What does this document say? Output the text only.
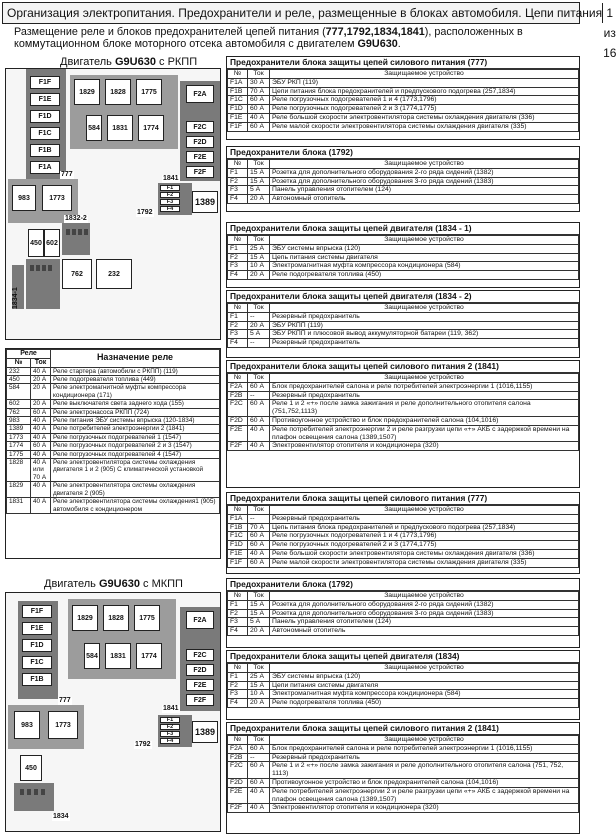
Организация электропитания. Предохранители и реле, размещенные в блоках автомобиля. Цепи питания 1 из 16
Размещение реле и блоков предохранителей цепей питания (777,1792,1834,1841), расположенных в коммутационном блоке моторного отсека автомобиля с двигателем G9U630.
Двигатель G9U630 с РКПП
Двигатель G9U630 с МКПП
F1F
F1E
F1D
F1C
F1B
F1A
777
1829	1828	1775
584	1831	1774
F2A
F2C
F2D
F2E
F2F
1841
F1
F2
F3
F4
1792
1389
983	1773
1832-2
450 602
1834-1
762	232
Реле		Назначение реле
№	Ток	
232	40 А	Реле стартера (автомобили с РКПП) (119)
450	20 А	Реле подогревателя топлива (449)
584	20 А	Реле электромагнитной муфты компрессора кондиционера (171)
602	20 А	Реле выключателя света заднего хода (155)
762	60 А	Реле электронасоса РКПП (724)
983	40 А	Реле питания ЭБУ системы впрыска (120-1834)
1389	40 А	Реле потребителей электроэнергии 2 (1841)
1773	40 А	Реле погрузочных подогревателей 1 (1547)
1774	60 А	Реле погрузочных подогревателей 2 и 3 (1547)
1775	40 А	Реле погрузочных подогревателей 4 (1547)
1828	40 А или 70 А	Реле электровентилятора системы охлаждения двигателя 1 и 2 (905) С климатической установкой
1829	40 А	Реле электровентилятора системы охлаждения двигателя 2 (905)
1831	40 А	Реле электровентилятора системы охлаждения1 (905) автомобиля с кондиционером
F1F
F1E
F1D
F1C
F1B
777
1829	1828	1775
584	1831	1774
F2A
F2C
F2D
F2E
F2F
1841
F1
F2
F3
F4
1792
1389
983	1773
450
1834
Предохранители блока защиты цепей силового питания (777)
№	Ток	Защищаемое устройство
F1A	30 А	ЭБУ РКП (119)
F1B	70 А	Цепи питания блока предохранителей и предпускового подогрева (257,1834)
F1C	60 А	Реле погрузочных подогревателей 1 и 4 (1773,1796)
F1D	60 А	Реле погрузочных подогревателей 2 и 3 (1774,1775)
F1E	40 А	Реле большой скорости электровентилятора системы охлаждения двигателя (336)
F1F	60 А	Реле малой скорости электровентилятора системы охлаждения двигателя (335)
Предохранители блока (1792)
№	Ток	Защищаемое устройство
F1	15 А	Розетка для дополнительного оборудования 2-го ряда сидений (1382)
F2	15 А	Розетка для дополнительного оборудования 3-го ряда сидений (1383)
F3	5 А	Панель управления отопителем (124)
F4	20 А	Автономный отопитель
Предохранители блока защиты цепей двигателя (1834 - 1)
№	Ток	Защищаемое устройство
F1	25 А	ЭБУ системы впрыска (120)
F2	15 А	Цепь питания системы двигателя
F3	10 А	Электромагнитная муфта компрессора кондиционера (584)
F4	20 А	Реле подогревателя топлива (450)
Предохранители блока защиты цепей двигателя (1834 - 2)
№	Ток	Защищаемое устройство
F1	--	Резервный предохранитель
F2	20 А	ЭБУ РКПП (119)
F3	5 А	ЭБУ РКПП и плюсовой вывод аккумуляторной батареи (119, 362)
F4	--	Резервный предохранитель
Предохранители блока защиты цепей силового питания 2 (1841)
№	Ток	Защищаемое устройство
F2A	60 А	Блок предохранителей салона и реле потребителей электроэнергии 1 (1016,1155)
F2B	--	Резервный предохранитель
F2C	60 А	Реле 1 и 2 «+» после замка зажигания и реле дополнительного отопителя салона (751,752,1113)
F2D	60 А	Противоугонное устройство и блок предохранителей салона (104,1016)
F2E	40 А	Реле потребителей электроэнергии 2 и реле разгрузки цепи «+» АКБ с задержкой времени на плафон освещения салона (1389,1507)
F2F	40 А	Электровентилятор отопителя и кондиционера (320)
Предохранители блока защиты цепей силового питания (777)
№	Ток	Защищаемое устройство
F1A	--	Резервный предохранитель
F1B	70 А	Цепь питания блока предохранителей и предпускового подогрева (257,1834)
F1C	60 А	Реле погрузочных подогревателей 1 и 4 (1773,1796)
F1D	60 А	Реле погрузочных подогревателей 2 и 3 (1774,1775)
F1E	40 А	Реле большой скорости электровентилятора системы охлаждения двигателя (336)
F1F	60 А	Реле малой скорости электровентилятора системы охлаждения двигателя (335)
Предохранители блока (1792)
№	Ток	Защищаемое устройство
F1	15 А	Розетка для дополнительного оборудования 2-го ряда сидений (1382)
F2	15 А	Розетка для дополнительного оборудования 3-го ряда сидений (1383)
F3	5 А	Панель управления отопителем (124)
F4	20 А	Автономный отопитель
Предохранители блока защиты цепей двигателя (1834)
№	Ток	Защищаемое устройство
F1	25 А	ЭБУ системы впрыска (120)
F2	15 А	Цепи питания системы двигателя
F3	10 А	Электромагнитная муфта компрессора кондиционера (584)
F4	20 А	Реле подогревателя топлива (450)
Предохранители блока защиты цепей силового питания 2 (1841)
№	Ток	Защищаемое устройство
F2A	60 А	Блок предохранителей салона и реле потребителей электроэнергии 1 (1016,1155)
F2B	--	Резервный предохранитель
F2C	60 А	Реле 1 и 2 «+» после замка зажигания и реле дополнительного отопителя салона (751, 752, 1113)
F2D	60 А	Противоугонное устройство и блок предохранителей салона (104,1016)
F2E	40 А	Реле потребителей электроэнергии 2 и реле разгрузки цепи «+» АКБ с задержкой времени на плафон освещения салона (1389,1507)
F2F	40 А	Электровентилятор отопителя и кондиционера (320)
